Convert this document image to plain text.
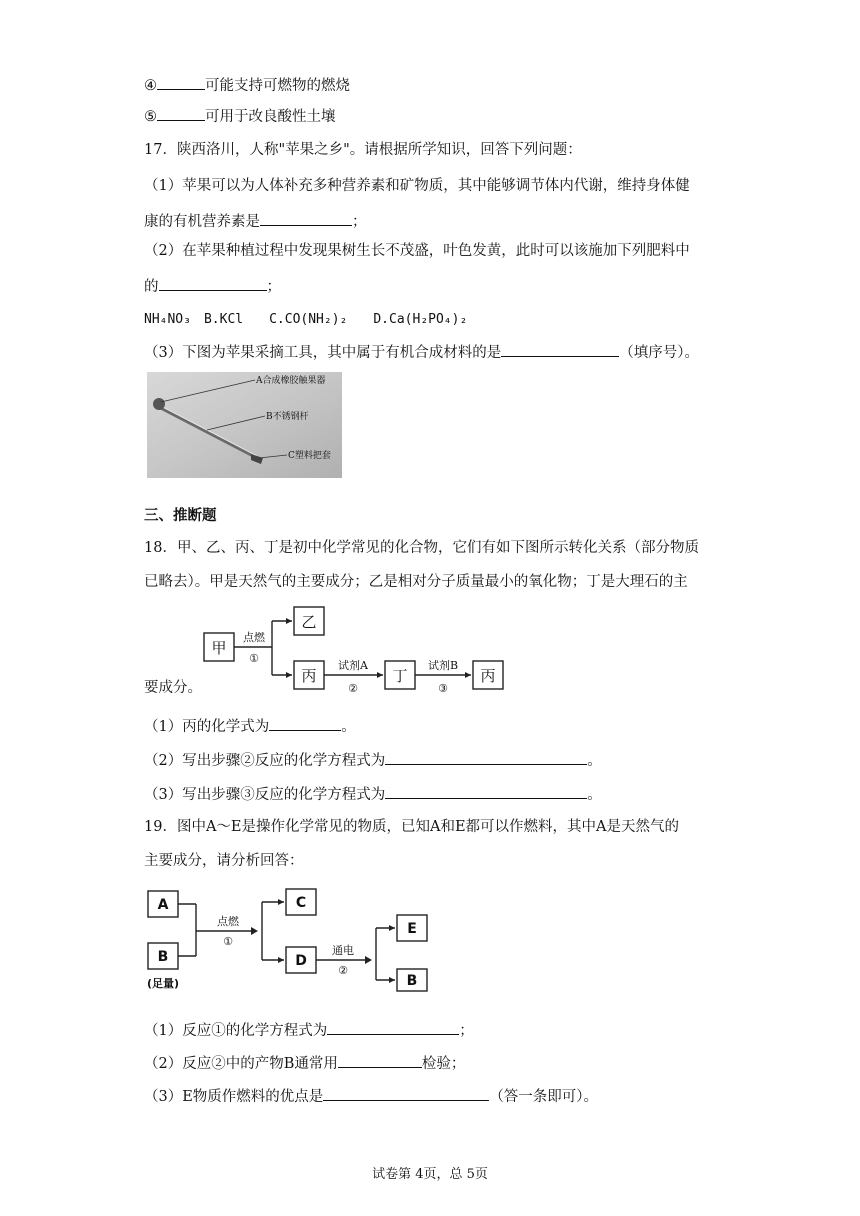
④	可能支持可燃物的燃烧
⑤	可用于改良酸性土壤
17．陕西洛川，人称"苹果之乡"。请根据所学知识，回答下列问题：
（1）苹果可以为人体补充多种营养素和矿物质，其中能够调节体内代谢，维持身体健
康的有机营养素是	；
（2）在苹果种植过程中发现果树生长不茂盛，叶色发黄，此时可以该施加下列肥料中
的	；
NH₄NO₃　B.KCl　　C.CO(NH₂)₂　　D.Ca(H₂PO₄)₂
（3）下图为苹果采摘工具，其中属于有机合成材料的是	（填序号）。
A合成橡胶触果器
B不锈钢杆
C塑料把套
三、推断题
18．甲、乙、丙、丁是初中化学常见的化合物，它们有如下图所示转化关系（部分物质
已略去）。甲是天然气的主要成分；乙是相对分子质量最小的氧化物；丁是大理石的主
甲
乙
丙	丁	丙
点燃
①
试剂A
②
试剂B
③
要成分。
（1）丙的化学式为	。
（2）写出步骤②反应的化学方程式为	。
（3）写出步骤③反应的化学方程式为	。
19．图中A～E是操作化学常见的物质，已知A和E都可以作燃料，其中A是天然气的
主要成分，请分析回答：
A
B
C
D
E
B
(足量)
点燃
①
通电
②
（1）反应①的化学方程式为	；
（2）反应②中的产物B通常用	检验；
（3）E物质作燃料的优点是	（答一条即可）。
试卷第 4页，总 5页
